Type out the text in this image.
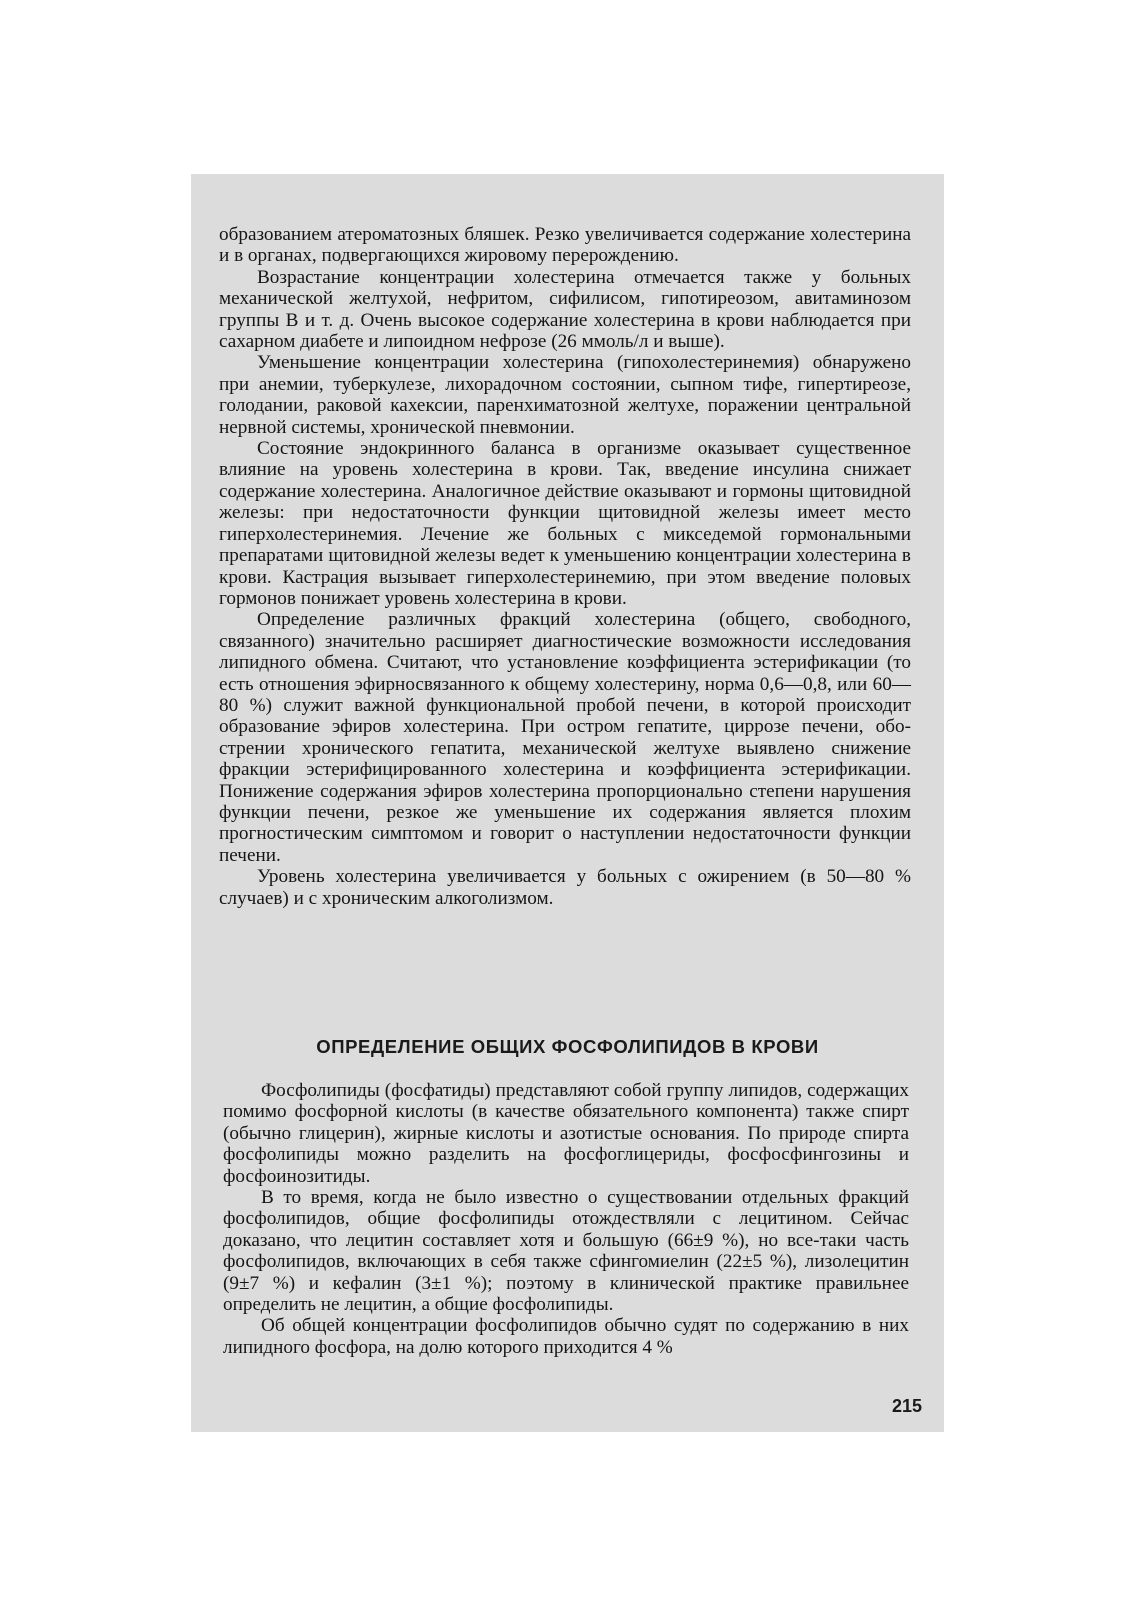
образованием атероматозных бляшек. Резко увеличивается содержание холестерина и в органах, подвергающихся жировому перерождению.

Возрастание концентрации холестерина отмечается также у больных механической желтухой, нефритом, сифилисом, гипотиреозом, авитаминозом группы В и т. д. Очень высокое содержание холестерина в крови наблюдается при сахарном диабете и липоидном нефрозе (26 ммоль/л и выше).

Уменьшение концентрации холестерина (гипохолестеринемия) обнаружено при анемии, туберкулезе, лихорадочном состоянии, сыпном тифе, гипертиреозе, голодании, раковой кахексии, паренхиматозной желтухе, поражении центральной нервной системы, хронической пневмонии.

Состояние эндокринного баланса в организме оказывает существенное влияние на уровень холестерина в крови. Так, введение инсулина снижает содержание холестерина. Аналогичное действие оказывают и гормоны щитовидной железы: при недостаточности функции щитовидной железы имеет место гиперхолестеринемия. Лечение же больных с микседемой гормональными препаратами щитовидной железы ведет к уменьшению концентрации холестерина в крови. Кастрация вызывает гиперхолестеринемию, при этом введение половых гормонов понижает уровень холестерина в крови.

Определение различных фракций холестерина (общего, свободного, связанного) значительно расширяет диагностические возможности исследования липидного обмена. Считают, что установление коэффициента эстерификации (то есть отношения эфирносвязанного к общему холестерину, норма 0,6—0,8, или 60—80 %) служит важной функциональной пробой печени, в которой происходит образование эфиров холестерина. При остром гепатите, циррозе печени, обострении хронического гепатита, механической желтухе выявлено снижение фракции эстерифицированного холестерина и коэффициента эстерификации. Понижение содержания эфиров холестерина пропорционально степени нарушения функции печени, резкое же уменьшение их содержания является плохим прогностическим симптомом и говорит о наступлении недостаточности функции печени.

Уровень холестерина увеличивается у больных с ожирением (в 50—80 % случаев) и с хроническим алкоголизмом.

ОПРЕДЕЛЕНИЕ ОБЩИХ ФОСФОЛИПИДОВ В КРОВИ

Фосфолипиды (фосфатиды) представляют собой группу липидов, содержащих помимо фосфорной кислоты (в качестве обязательного компонента) также спирт (обычно глицерин), жирные кислоты и азотистые основания. По природе спирта фосфолипиды можно разделить на фосфоглицериды, фосфосфингозины и фосфоинозитиды.

В то время, когда не было известно о существовании отдельных фракций фосфолипидов, общие фосфолипиды отождествляли с лецитином. Сейчас доказано, что лецитин составляет хотя и большую (66±9 %), но все-таки часть фосфолипидов, включающих в себя также сфингомиелин (22±5 %), лизолецитин (9±7 %) и кефалин (3±1 %); поэтому в клинической практике правильнее определить не лецитин, а общие фосфолипиды.

Об общей концентрации фосфолипидов обычно судят по содержанию в них липидного фосфора, на долю которого приходится 4 %

215
